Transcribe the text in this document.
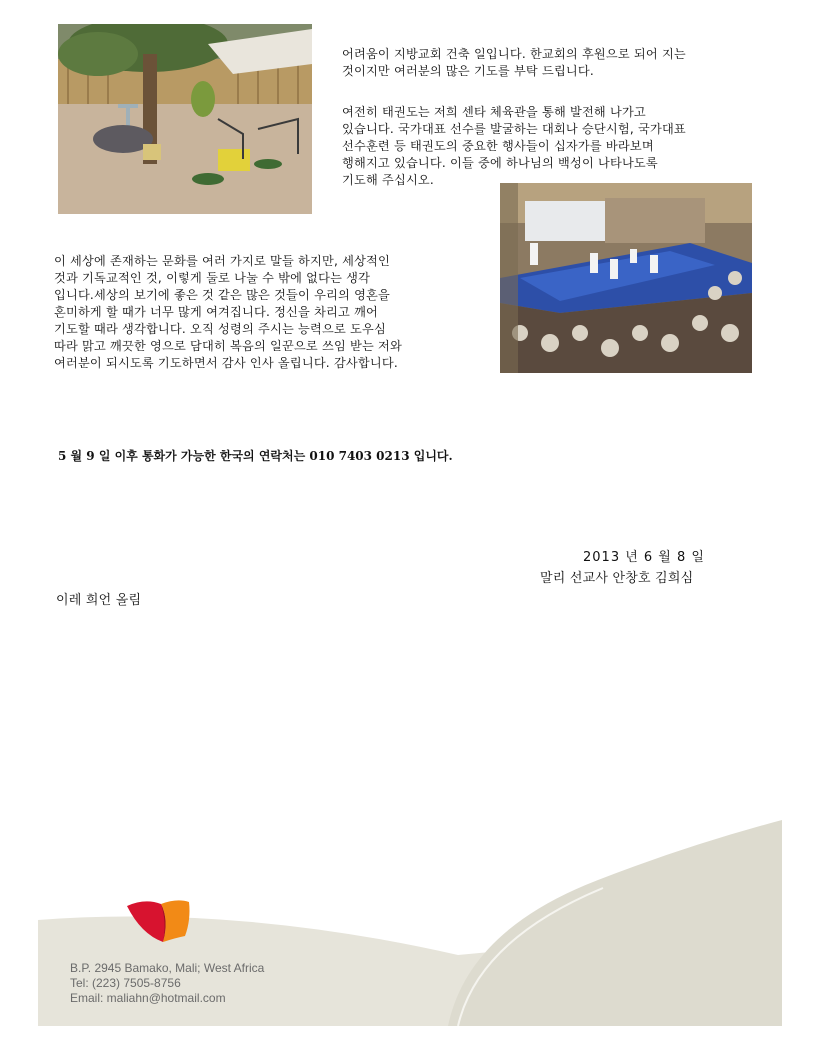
어려움이 지방교회 건축 일입니다. 한교회의 후원으로 되어 지는
것이지만 여러분의 많은 기도를 부탁 드립니다.
여전히 태권도는 저희 센타 체육관을 통해 발전해 나가고
있습니다. 국가대표 선수를 발굴하는 대회나 승단시험, 국가대표
선수훈련 등 태권도의 중요한 행사들이 십자가를 바라보며
행해지고 있습니다. 이들 중에 하나님의 백성이 나타나도록
기도해 주십시오.
이 세상에 존재하는 문화를 여러 가지로 말들 하지만, 세상적인
것과 기독교적인 것, 이렇게 둘로 나눌 수 밖에 없다는 생각
입니다.세상의 보기에 좋은 것 같은 많은 것들이 우리의 영혼을
혼미하게 할 때가 너무 많게 여겨집니다. 정신을 차리고 깨어
기도할 때라 생각합니다. 오직 성령의 주시는 능력으로 도우심
따라 맑고 깨끗한 영으로 담대히 복음의 일꾼으로 쓰임 받는 저와
여러분이 되시도록 기도하면서 감사 인사 올립니다. 감사합니다.
5 월 9 일 이후 통화가 가능한 한국의 연락처는 010 7403 0213 입니다.
2013 년 6 월 8 일
말리 선교사 안창호 김희심
이레 희언 올림
B.P. 2945 Bamako, Mali; West Africa
Tel: (223) 7505-8756
Email: maliahn@hotmail.com
